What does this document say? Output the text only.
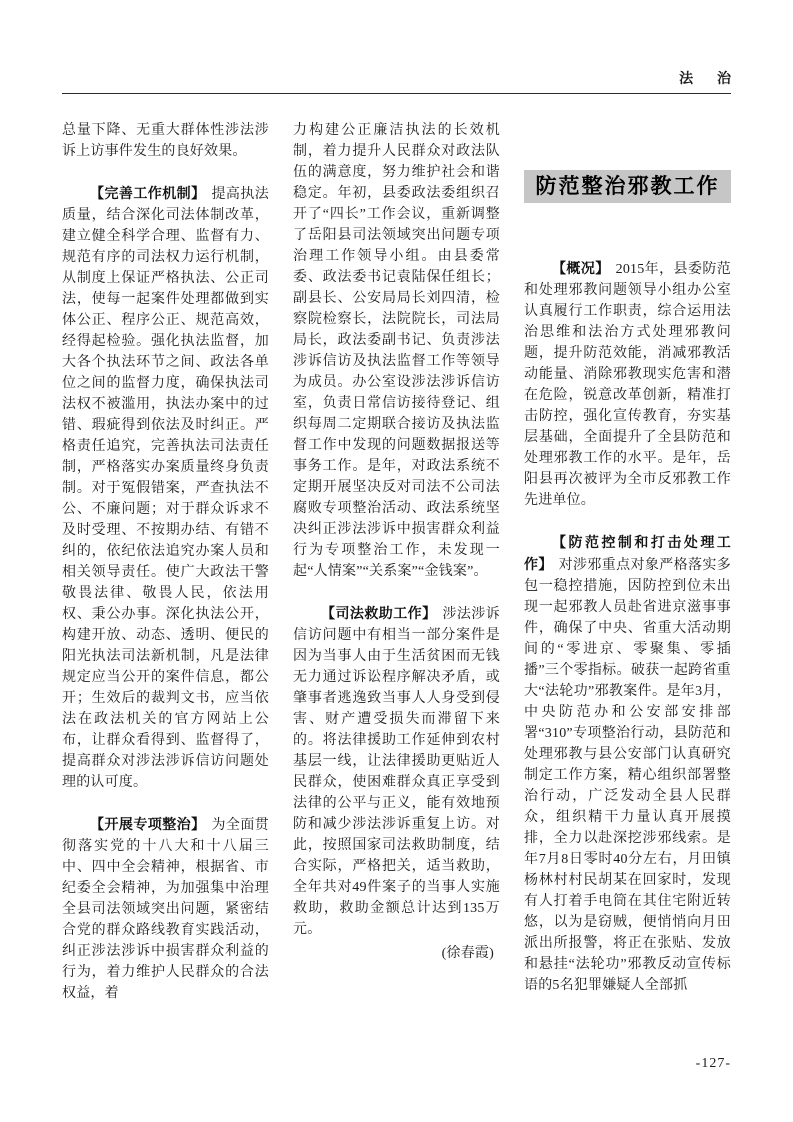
法 治

总量下降、无重大群体性涉法涉诉上访事件发生的良好效果。

【完善工作机制】 提高执法质量，结合深化司法体制改革，建立健全科学合理、监督有力、规范有序的司法权力运行机制，从制度上保证严格执法、公正司法，使每一起案件处理都做到实体公正、程序公正、规范高效，经得起检验。强化执法监督，加大各个执法环节之间、政法各单位之间的监督力度，确保执法司法权不被滥用，执法办案中的过错、瑕疵得到依法及时纠正。严格责任追究，完善执法司法责任制，严格落实办案质量终身负责制。对于冤假错案，严查执法不公、不廉问题；对于群众诉求不及时受理、不按期办结、有错不纠的，依纪依法追究办案人员和相关领导责任。使广大政法干警敬畏法律、敬畏人民，依法用权、秉公办事。深化执法公开，构建开放、动态、透明、便民的阳光执法司法新机制，凡是法律规定应当公开的案件信息，都公开；生效后的裁判文书，应当依法在政法机关的官方网站上公布，让群众看得到、监督得了，提高群众对涉法涉诉信访问题处理的认可度。

【开展专项整治】 为全面贯彻落实党的十八大和十八届三中、四中全会精神，根据省、市纪委全会精神，为加强集中治理全县司法领域突出问题，紧密结合党的群众路线教育实践活动，纠正涉法涉诉中损害群众利益的行为，着力维护人民群众的合法权益，着

力构建公正廉洁执法的长效机制，着力提升人民群众对政法队伍的满意度，努力维护社会和谐稳定。年初，县委政法委组织召开了“四长”工作会议，重新调整了岳阳县司法领域突出问题专项治理工作领导小组。由县委常委、政法委书记袁陆保任组长；副县长、公安局局长刘四清，检察院检察长，法院院长，司法局局长，政法委副书记、负责涉法涉诉信访及执法监督工作等领导为成员。办公室设涉法涉诉信访室，负责日常信访接待登记、组织每周二定期联合接访及执法监督工作中发现的问题数据报送等事务工作。是年，对政法系统不定期开展坚决反对司法不公司法腐败专项整治活动、政法系统坚决纠正涉法涉诉中损害群众利益行为专项整治工作，未发现一起“人情案”“关系案”“金钱案”。

【司法救助工作】 涉法涉诉信访问题中有相当一部分案件是因为当事人由于生活贫困而无钱无力通过诉讼程序解决矛盾，或肇事者逃逸致当事人人身受到侵害、财产遭受损失而滞留下来的。将法律援助工作延伸到农村基层一线，让法律援助更贴近人民群众，使困难群众真正享受到法律的公平与正义，能有效地预防和减少涉法涉诉重复上访。对此，按照国家司法救助制度，结合实际，严格把关，适当救助，全年共对49件案子的当事人实施救助，救助金额总计达到135万元。

(徐春霞)

防范整治邪教工作

【概况】 2015年，县委防范和处理邪教问题领导小组办公室认真履行工作职责，综合运用法治思维和法治方式处理邪教问题，提升防范效能，消减邪教活动能量、消除邪教现实危害和潜在危险，锐意改革创新，精准打击防控，强化宣传教育，夯实基层基础，全面提升了全县防范和处理邪教工作的水平。是年，岳阳县再次被评为全市反邪教工作先进单位。

【防范控制和打击处理工作】 对涉邪重点对象严格落实多包一稳控措施，因防控到位未出现一起邪教人员赴省进京滋事事件，确保了中央、省重大活动期间的“零进京、零聚集、零插播”三个零指标。破获一起跨省重大“法轮功”邪教案件。是年3月，中央防范办和公安部安排部署“310”专项整治行动，县防范和处理邪教与县公安部门认真研究制定工作方案，精心组织部署整治行动，广泛发动全县人民群众，组织精干力量认真开展摸排，全力以赴深挖涉邪线索。是年7月8日零时40分左右，月田镇杨林村村民胡某在回家时，发现有人打着手电筒在其住宅附近转悠，以为是窃贼，便悄悄向月田派出所报警，将正在张贴、发放和悬挂“法轮功”邪教反动宣传标语的5名犯罪嫌疑人全部抓

-127-
